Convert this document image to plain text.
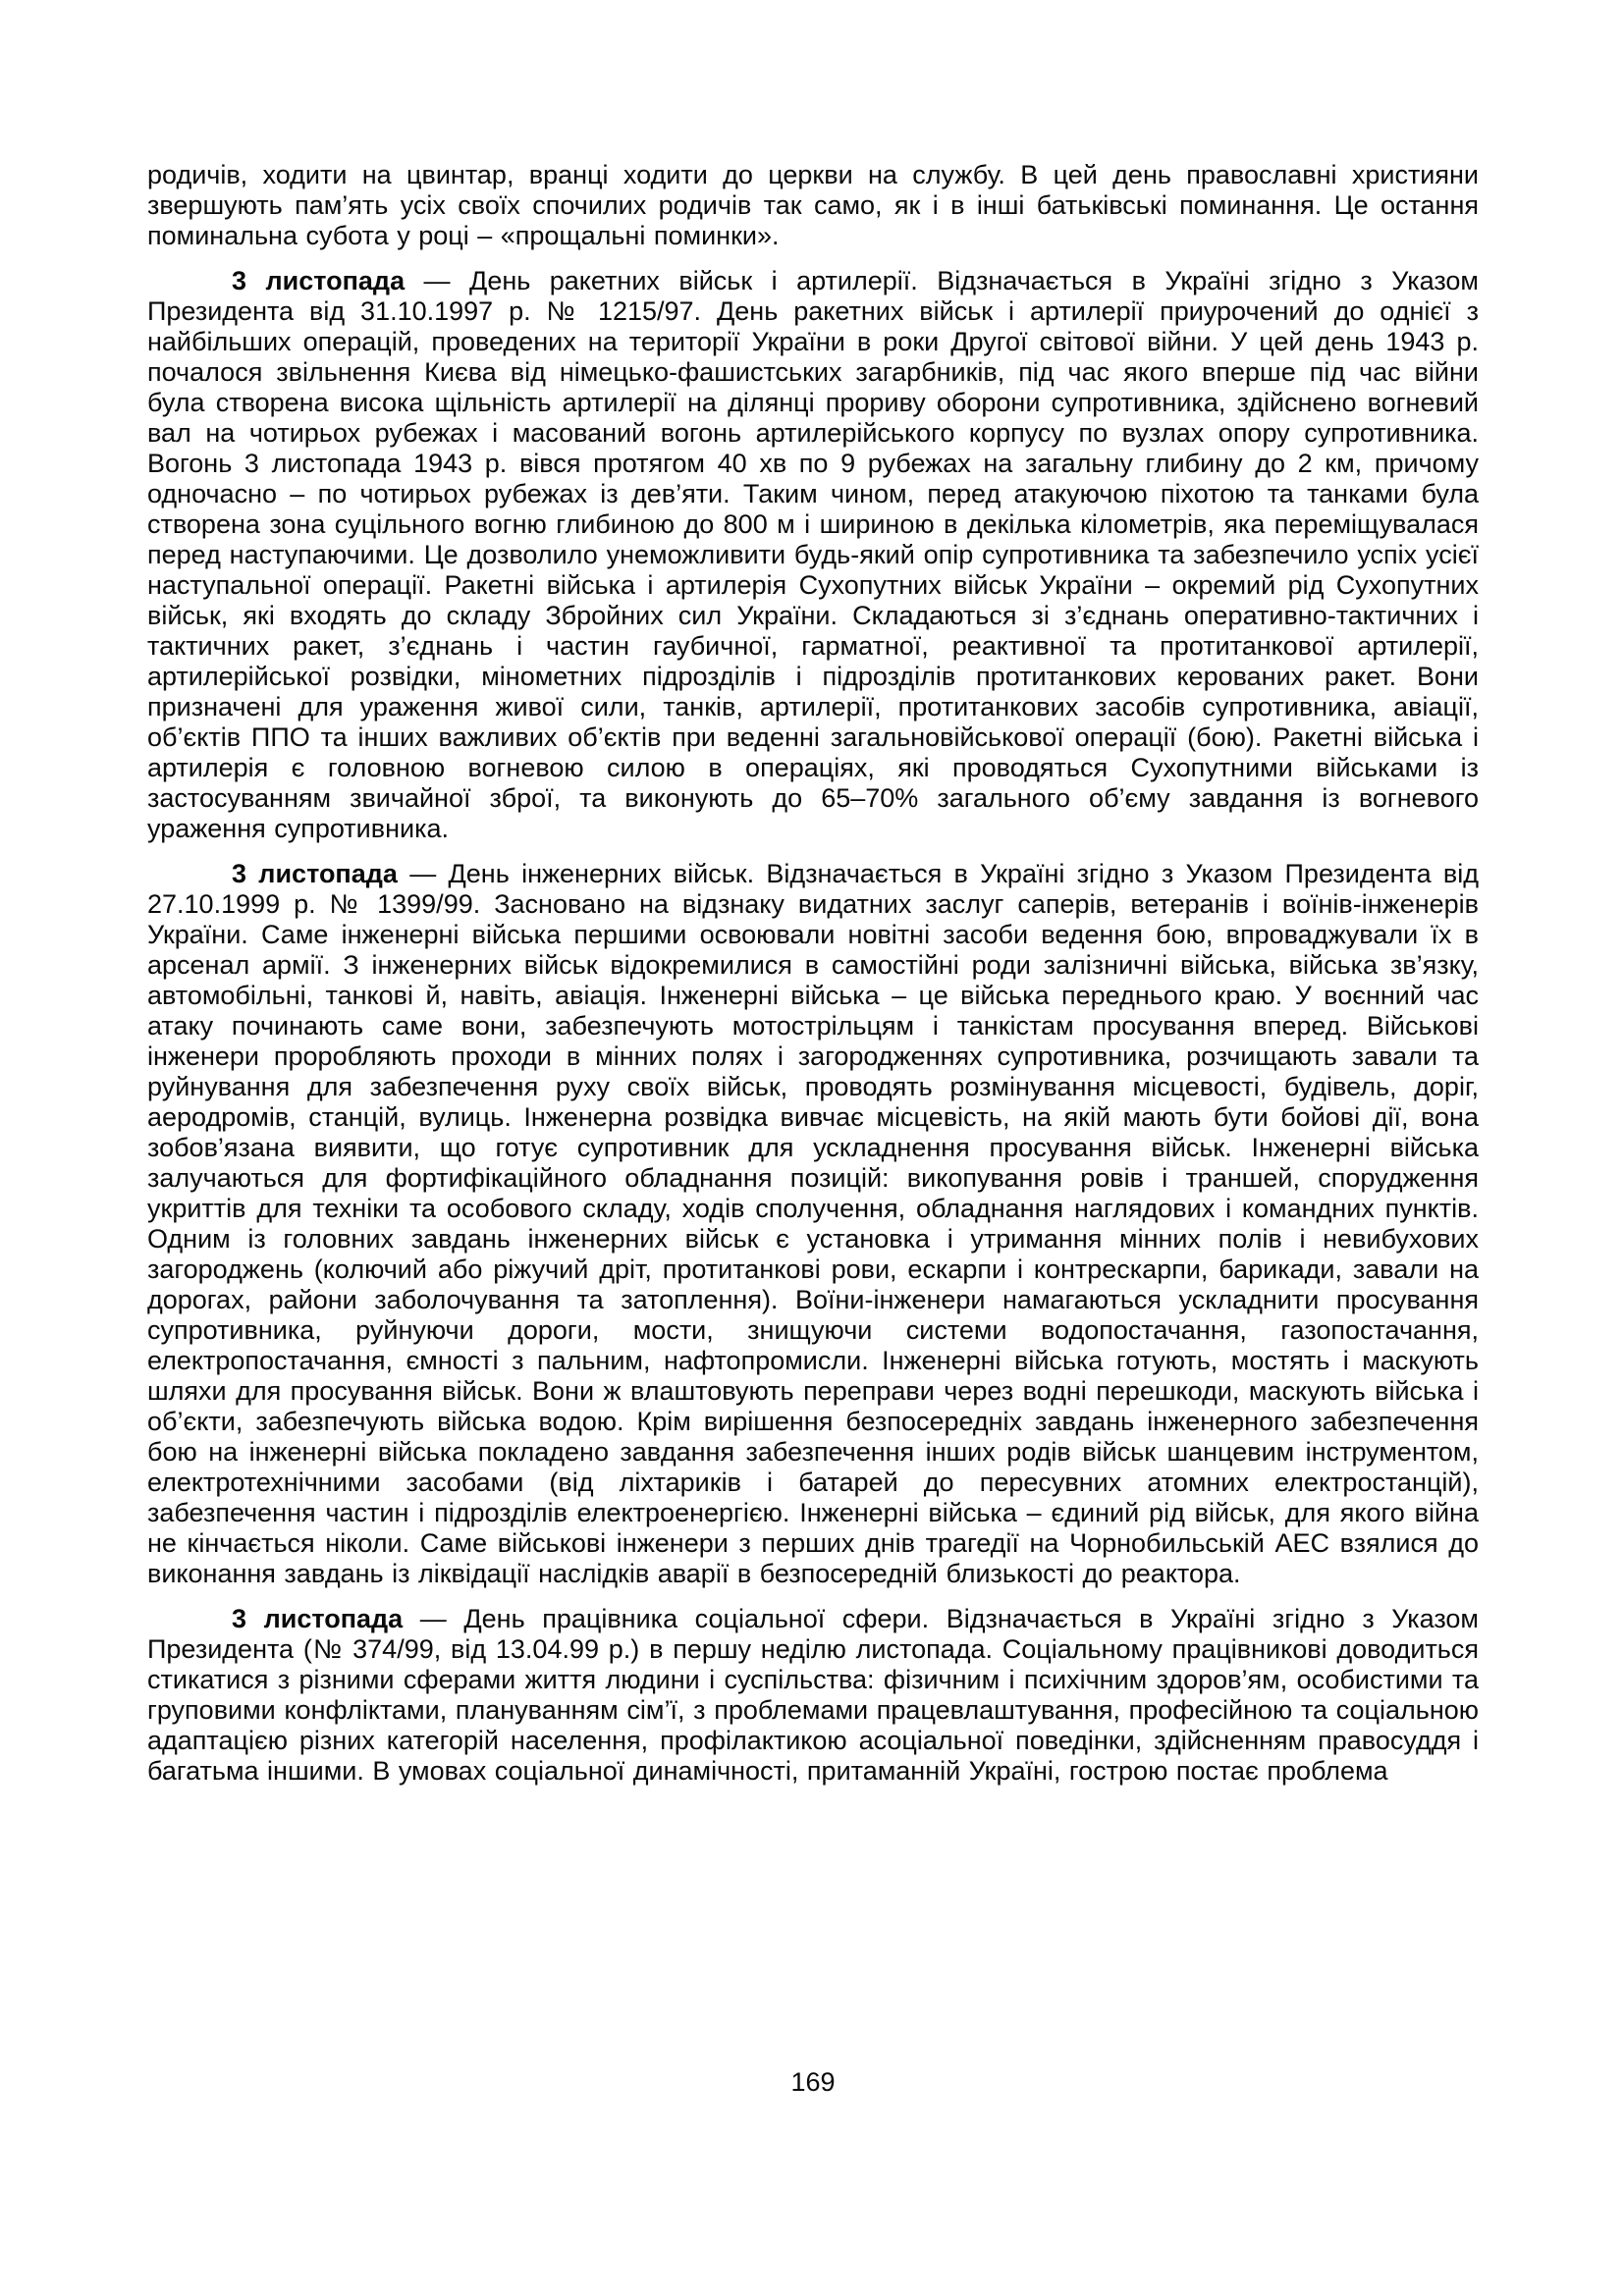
родичів, ходити на цвинтар, вранці ходити до церкви на службу. В цей день православні християни звершують пам’ять усіх своїх спочилих родичів так само, як і в інші батьківські поминання. Це остання поминальна субота у році – «прощальні поминки».

3 листопада — День ракетних військ і артилерії. Відзначається в Україні згідно з Указом Президента від 31.10.1997 р. № 1215/97. День ракетних військ і артилерії приурочений до однієї з найбільших операцій, проведених на території України в роки Другої світової війни. У цей день 1943 р. почалося звільнення Києва від німецько-фашистських загарбників, під час якого вперше під час війни була створена висока щільність артилерії на ділянці прориву оборони супротивника, здійснено вогневий вал на чотирьох рубежах і масований вогонь артилерійського корпусу по вузлах опору супротивника. Вогонь 3 листопада 1943 р. вівся протягом 40 хв по 9 рубежах на загальну глибину до 2 км, причому одночасно – по чотирьох рубежах із дев’яти. Таким чином, перед атакуючою піхотою та танками була створена зона суцільного вогню глибиною до 800 м і шириною в декілька кілометрів, яка переміщувалася перед наступаючими. Це дозволило унеможливити будь-який опір супротивника та забезпечило успіх усієї наступальної операції. Ракетні війська і артилерія Сухопутних військ України – окремий рід Сухопутних військ, які входять до складу Збройних сил України. Складаються зі з’єднань оперативно-тактичних і тактичних ракет, з’єднань і частин гаубичної, гарматної, реактивної та протитанкової артилерії, артилерійської розвідки, мінометних підрозділів і підрозділів протитанкових керованих ракет. Вони призначені для ураження живої сили, танків, артилерії, протитанкових засобів супротивника, авіації, об’єктів ППО та інших важливих об’єктів при веденні загальновійськової операції (бою). Ракетні війська і артилерія є головною вогневою силою в операціях, які проводяться Сухопутними військами із застосуванням звичайної зброї, та виконують до 65–70% загального об’єму завдання із вогневого ураження супротивника.

3 листопада — День інженерних військ. Відзначається в Україні згідно з Указом Президента від 27.10.1999 р. № 1399/99. Засновано на відзнаку видатних заслуг саперів, ветеранів і воїнів-інженерів України. Саме інженерні війська першими освоювали новітні засоби ведення бою, впроваджували їх в арсенал армії. З інженерних військ відокремилися в самостійні роди залізничні війська, війська зв’язку, автомобільні, танкові й, навіть, авіація. Інженерні війська – це війська переднього краю. У воєнний час атаку починають саме вони, забезпечують мотострільцям і танкістам просування вперед. Військові інженери проробляють проходи в мінних полях і загородженнях супротивника, розчищають завали та руйнування для забезпечення руху своїх військ, проводять розмінування місцевості, будівель, доріг, аеродромів, станцій, вулиць. Інженерна розвідка вивчає місцевість, на якій мають бути бойові дії, вона зобов’язана виявити, що готує супротивник для ускладнення просування військ. Інженерні війська залучаються для фортифікаційного обладнання позицій: викопування ровів і траншей, спорудження укриттів для техніки та особового складу, ходів сполучення, обладнання наглядових і командних пунктів. Одним із головних завдань інженерних військ є установка і утримання мінних полів і невибухових загороджень (колючий або ріжучий дріт, протитанкові рови, ескарпи і контрескарпи, барикади, завали на дорогах, райони заболочування та затоплення). Воїни-інженери намагаються ускладнити просування супротивника, руйнуючи дороги, мости, знищуючи системи водопостачання, газопостачання, електропостачання, ємності з пальним, нафтопромисли. Інженерні війська готують, мостять і маскують шляхи для просування військ. Вони ж влаштовують переправи через водні перешкоди, маскують війська і об’єкти, забезпечують війська водою. Крім вирішення безпосередніх завдань інженерного забезпечення бою на інженерні війська покладено завдання забезпечення інших родів військ шанцевим інструментом, електротехнічними засобами (від ліхтариків і батарей до пересувних атомних електростанцій), забезпечення частин і підрозділів електроенергією. Інженерні війська – єдиний рід військ, для якого війна не кінчається ніколи. Саме військові інженери з перших днів трагедії на Чорнобильській АЕС взялися до виконання завдань із ліквідації наслідків аварії в безпосередній близькості до реактора.

3 листопада — День працівника соціальної сфери. Відзначається в Україні згідно з Указом Президента (№ 374/99, від 13.04.99 р.) в першу неділю листопада. Соціальному працівникові доводиться стикатися з різними сферами життя людини і суспільства: фізичним і психічним здоров’ям, особистими та груповими конфліктами, плануванням сім’ї, з проблемами працевлаштування, професійною та соціальною адаптацією різних категорій населення, профілактикою асоціальної поведінки, здійсненням правосуддя і багатьма іншими. В умовах соціальної динамічності, притаманній Україні, гострою постає проблема

169
